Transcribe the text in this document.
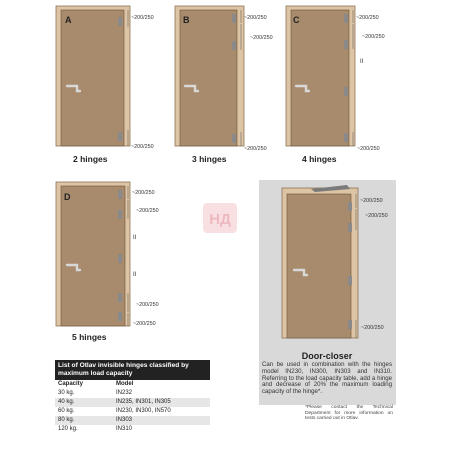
A	~200/250
~200/250
B	~200/250
~200/250
~200/250
C	~200/250
~200/250
II
~200/250
D	~200/250
~200/250
II
II
~200/250
~200/250
НД
2 hinges	3 hinges	4 hinges
5 hinges
~200/250
~200/250
~200/250
Door-closer
Can be used in combination with the hinges model IN230, IN300, IN303 and IN310. Referring to the load capacity table, add a hinge and decrease of 20% the maximum loading capacity of the hinge*.
*Please contact the Technical Department for more information on tests carried out in Otlav.
List of Otlav invisible hinges classified by maximum load capacity
Capacity	Model
30 kg.	IN232
40 kg.	IN235, IN301, IN305
60 kg.	IN230, IN300, IN570
80 kg.	IN303
120 kg.	IN310
